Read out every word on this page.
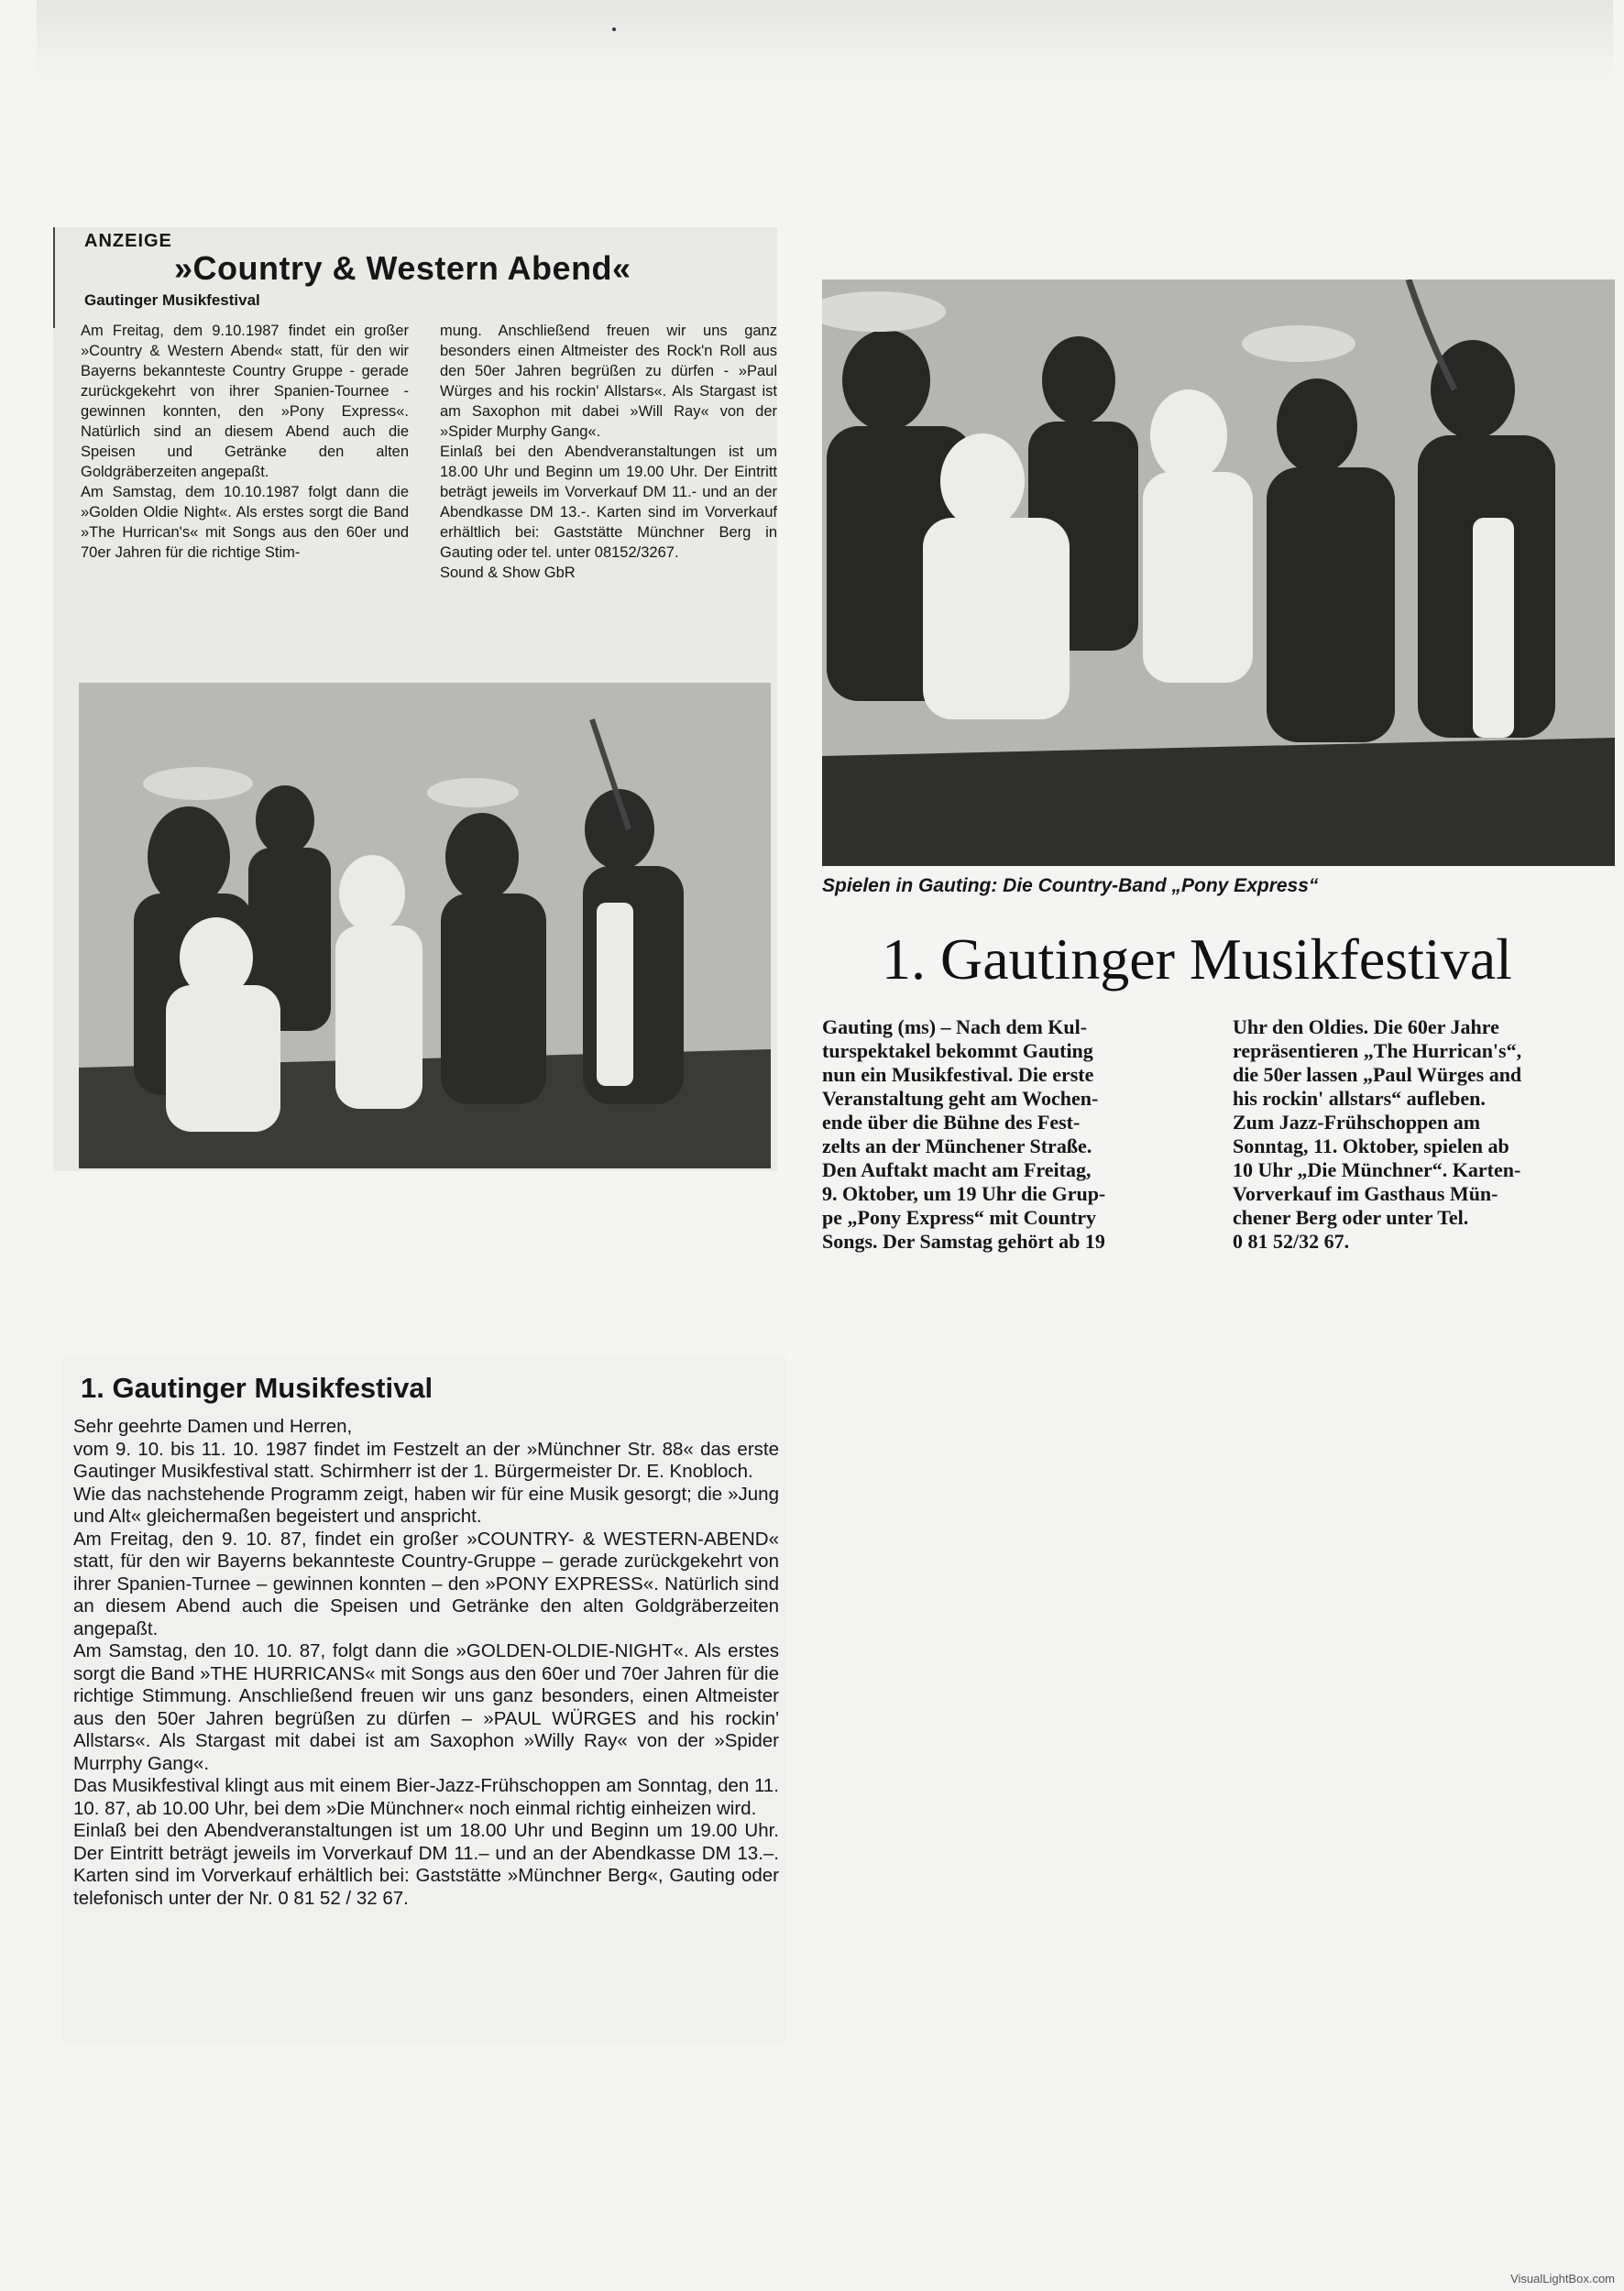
ANZEIGE
»Country & Western Abend«
Gautinger Musikfestival
Am Freitag, dem 9.10.1987 findet ein großer »Country & Western Abend« statt, für den wir Bayerns bekannteste Country Gruppe - gerade zurückgekehrt von ihrer Spanien-Tournee - gewinnen konnten, den »Pony Express«. Natürlich sind an diesem Abend auch die Speisen und Getränke den alten Goldgräberzeiten angepaßt.
Am Samstag, dem 10.10.1987 folgt dann die »Golden Oldie Night«. Als erstes sorgt die Band »The Hurrican's« mit Songs aus den 60er und 70er Jahren für die richtige Stim-
mung. Anschließend freuen wir uns ganz besonders einen Altmeister des Rock'n Roll aus den 50er Jahren begrüßen zu dürfen - »Paul Würges and his rockin' Allstars«. Als Stargast ist am Saxophon mit dabei »Will Ray« von der »Spider Murphy Gang«.
Einlaß bei den Abendveranstaltungen ist um 18.00 Uhr und Beginn um 19.00 Uhr. Der Eintritt beträgt jeweils im Vorverkauf DM 11.- und an der Abendkasse DM 13.-. Karten sind im Vorverkauf erhältlich bei: Gaststätte Münchner Berg in Gauting oder tel. unter 08152/3267.
Sound & Show GbR
Spielen in Gauting: Die Country-Band „Pony Express“
1. Gautinger Musikfestival
Gauting (ms) – Nach dem Kul-
turspektakel bekommt Gauting
nun ein Musikfestival. Die erste
Veranstaltung geht am Wochen-
ende über die Bühne des Fest-
zelts an der Münchener Straße.
Den Auftakt macht am Freitag,
9. Oktober, um 19 Uhr die Grup-
pe „Pony Express“ mit Country
Songs. Der Samstag gehört ab 19
Uhr den Oldies. Die 60er Jahre
repräsentieren „The Hurrican's“,
die 50er lassen „Paul Würges and
his rockin' allstars“ aufleben.
Zum Jazz-Frühschoppen am
Sonntag, 11. Oktober, spielen ab
10 Uhr „Die Münchner“. Karten-
Vorverkauf im Gasthaus Mün-
chener Berg oder unter Tel.
0 81 52/32 67.
1. Gautinger Musikfestival
Sehr geehrte Damen und Herren,
vom 9. 10. bis 11. 10. 1987 findet im Festzelt an der »Münchner Str. 88« das erste Gautinger Musikfestival statt. Schirmherr ist der 1. Bürgermeister Dr. E. Knobloch.
Wie das nachstehende Programm zeigt, haben wir für eine Musik gesorgt; die »Jung und Alt« gleichermaßen begeistert und anspricht.
Am Freitag, den 9. 10. 87, findet ein großer »COUNTRY- & WESTERN-ABEND« statt, für den wir Bayerns bekannteste Country-Gruppe – gerade zurückgekehrt von ihrer Spanien-Turnee – gewinnen konnten – den »PONY EXPRESS«. Natürlich sind an diesem Abend auch die Speisen und Getränke den alten Goldgräberzeiten angepaßt.
Am Samstag, den 10. 10. 87, folgt dann die »GOLDEN-OLDIE-NIGHT«. Als erstes sorgt die Band »THE HURRICANS« mit Songs aus den 60er und 70er Jahren für die richtige Stimmung. Anschließend freuen wir uns ganz besonders, einen Altmeister aus den 50er Jahren begrüßen zu dürfen – »PAUL WÜRGES and his rockin' Allstars«. Als Stargast mit dabei ist am Saxophon »Willy Ray« von der »Spider Murrphy Gang«.
Das Musikfestival klingt aus mit einem Bier-Jazz-Frühschoppen am Sonntag, den 11. 10. 87, ab 10.00 Uhr, bei dem »Die Münchner« noch einmal richtig einheizen wird.
Einlaß bei den Abendveranstaltungen ist um 18.00 Uhr und Beginn um 19.00 Uhr. Der Eintritt beträgt jeweils im Vorverkauf DM 11.– und an der Abendkasse DM 13.–. Karten sind im Vorverkauf erhältlich bei: Gaststätte »Münchner Berg«, Gauting oder telefonisch unter der Nr. 0 81 52 / 32 67.
VisualLightBox.com
